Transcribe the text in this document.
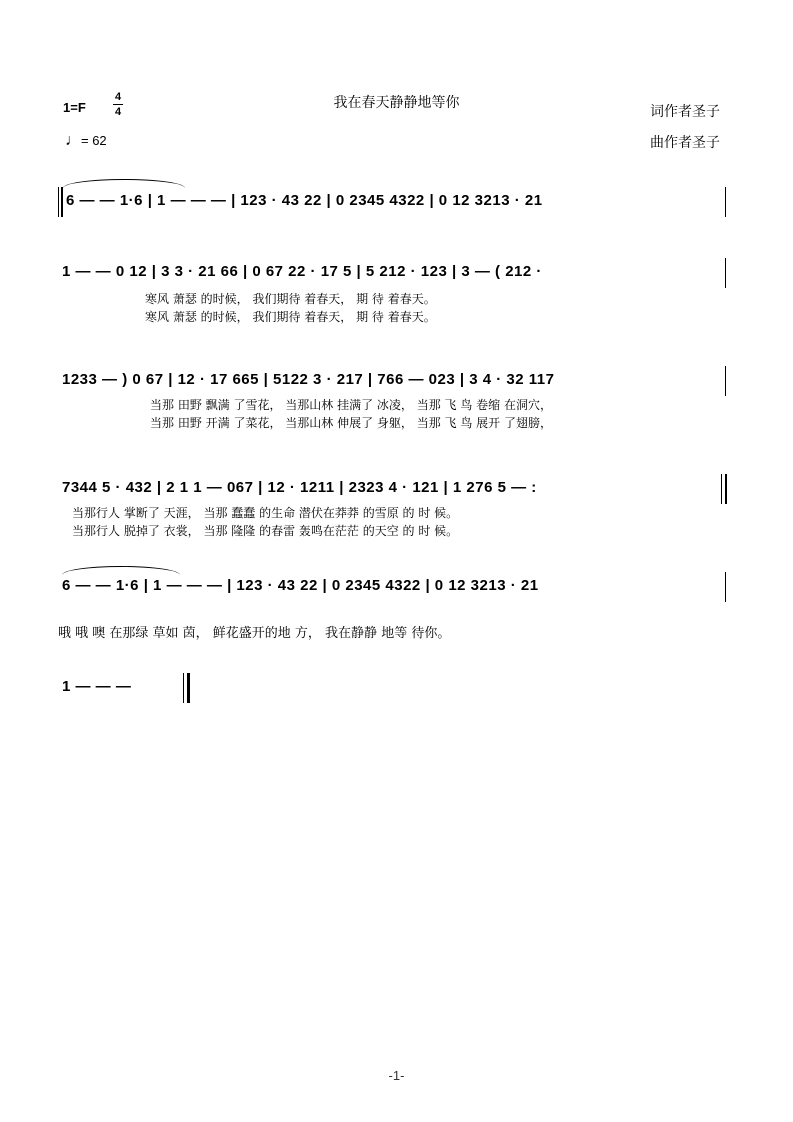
我在春天静静地等你
1=F
4
4
♩= 62
词作者圣子
曲作者圣子
6 — — 1·6 | 1 — — — | 123 · 43 22 | 0 2345 4322 | 0 12 3213 · 21
1 — — 0 12 | 3 3 · 21 66 | 0 67 22 · 17 5 | 5 212 · 123 | 3 — ( 212 ·
寒风 萧瑟 的时候， 我们期待 着春天， 期 待 着春天。
寒风 萧瑟 的时候， 我们期待 着春天， 期 待 着春天。
1233 — ) 0 67 | 12 · 17 665 | 5122 3 · 217 | 766 — 023 | 3 4 · 32 117
当那 田野 飘满 了雪花， 当那山林 挂满了 冰凌， 当那 飞 鸟 卷缩 在洞穴，
当那 田野 开满 了菜花， 当那山林 伸展了 身躯， 当那 飞 鸟 展开 了翅膀，
7344 5 · 432 | 2 1 1 — 067 | 12 · 1211 | 2323 4 · 121 | 1 276 5 — :
当那行人 掌断了 天涯， 当那 蠢蠢 的生命 潜伏在莽莽 的雪原 的 时 候。
当那行人 脱掉了 衣裳， 当那 隆隆 的春雷 轰鸣在茫茫 的天空 的 时 候。
6 — — 1·6 | 1 — — — | 123 · 43 22 | 0 2345 4322 | 0 12 3213 · 21
哦 哦 噢 在那绿 草如 茵， 鲜花盛开的地 方， 我在静静 地等 待你。
1 — — —
-1-
